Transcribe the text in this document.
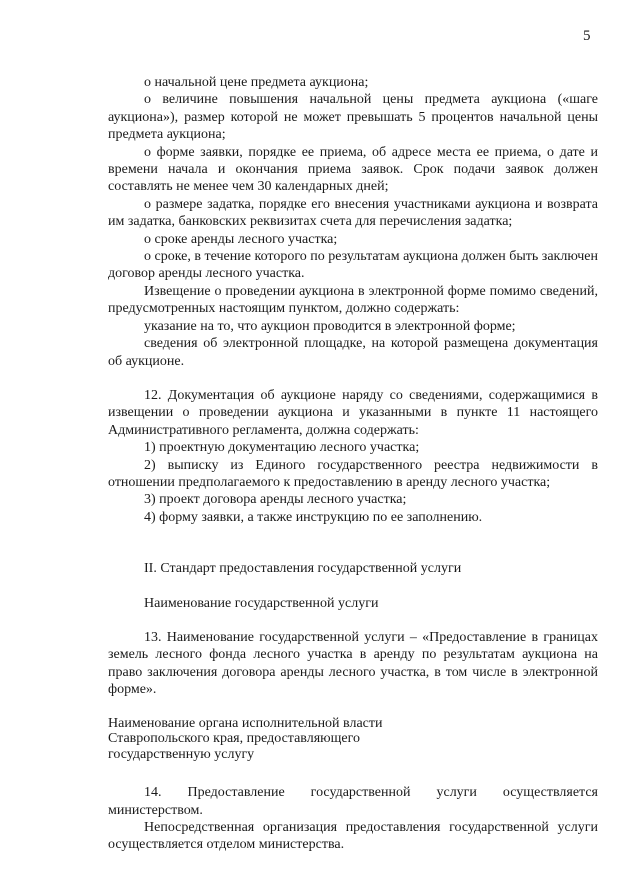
5

о начальной цене предмета аукциона;

о величине повышения начальной цены предмета аукциона («шаге аукциона»), размер которой не может превышать 5 процентов начальной цены предмета аукциона;

о форме заявки, порядке ее приема, об адресе места ее приема, о дате и времени начала и окончания приема заявок. Срок подачи заявок должен составлять не менее чем 30 календарных дней;

о размере задатка, порядке его внесения участниками аукциона и возврата им задатка, банковских реквизитах счета для перечисления задатка;

о сроке аренды лесного участка;

о сроке, в течение которого по результатам аукциона должен быть заключен договор аренды лесного участка.

Извещение о проведении аукциона в электронной форме помимо сведений, предусмотренных настоящим пунктом, должно содержать:

указание на то, что аукцион проводится в электронной форме;

сведения об электронной площадке, на которой размещена документация об аукционе.

12. Документация об аукционе наряду со сведениями, содержащимися в извещении о проведении аукциона и указанными в пункте 11 настоящего Административного регламента, должна содержать:

1) проектную документацию лесного участка;

2) выписку из Единого государственного реестра недвижимости в отношении предполагаемого к предоставлению в аренду лесного участка;

3) проект договора аренды лесного участка;

4) форму заявки, а также инструкцию по ее заполнению.

II. Стандарт предоставления государственной услуги

Наименование государственной услуги

13. Наименование государственной услуги – «Предоставление в границах земель лесного фонда лесного участка в аренду по результатам аукциона на право заключения договора аренды лесного участка, в том числе в электронной форме».

Наименование органа исполнительной власти
Ставропольского края, предоставляющего
государственную услугу

14. Предоставление государственной услуги осуществляется министерством.

Непосредственная организация предоставления государственной услуги осуществляется отделом министерства.
